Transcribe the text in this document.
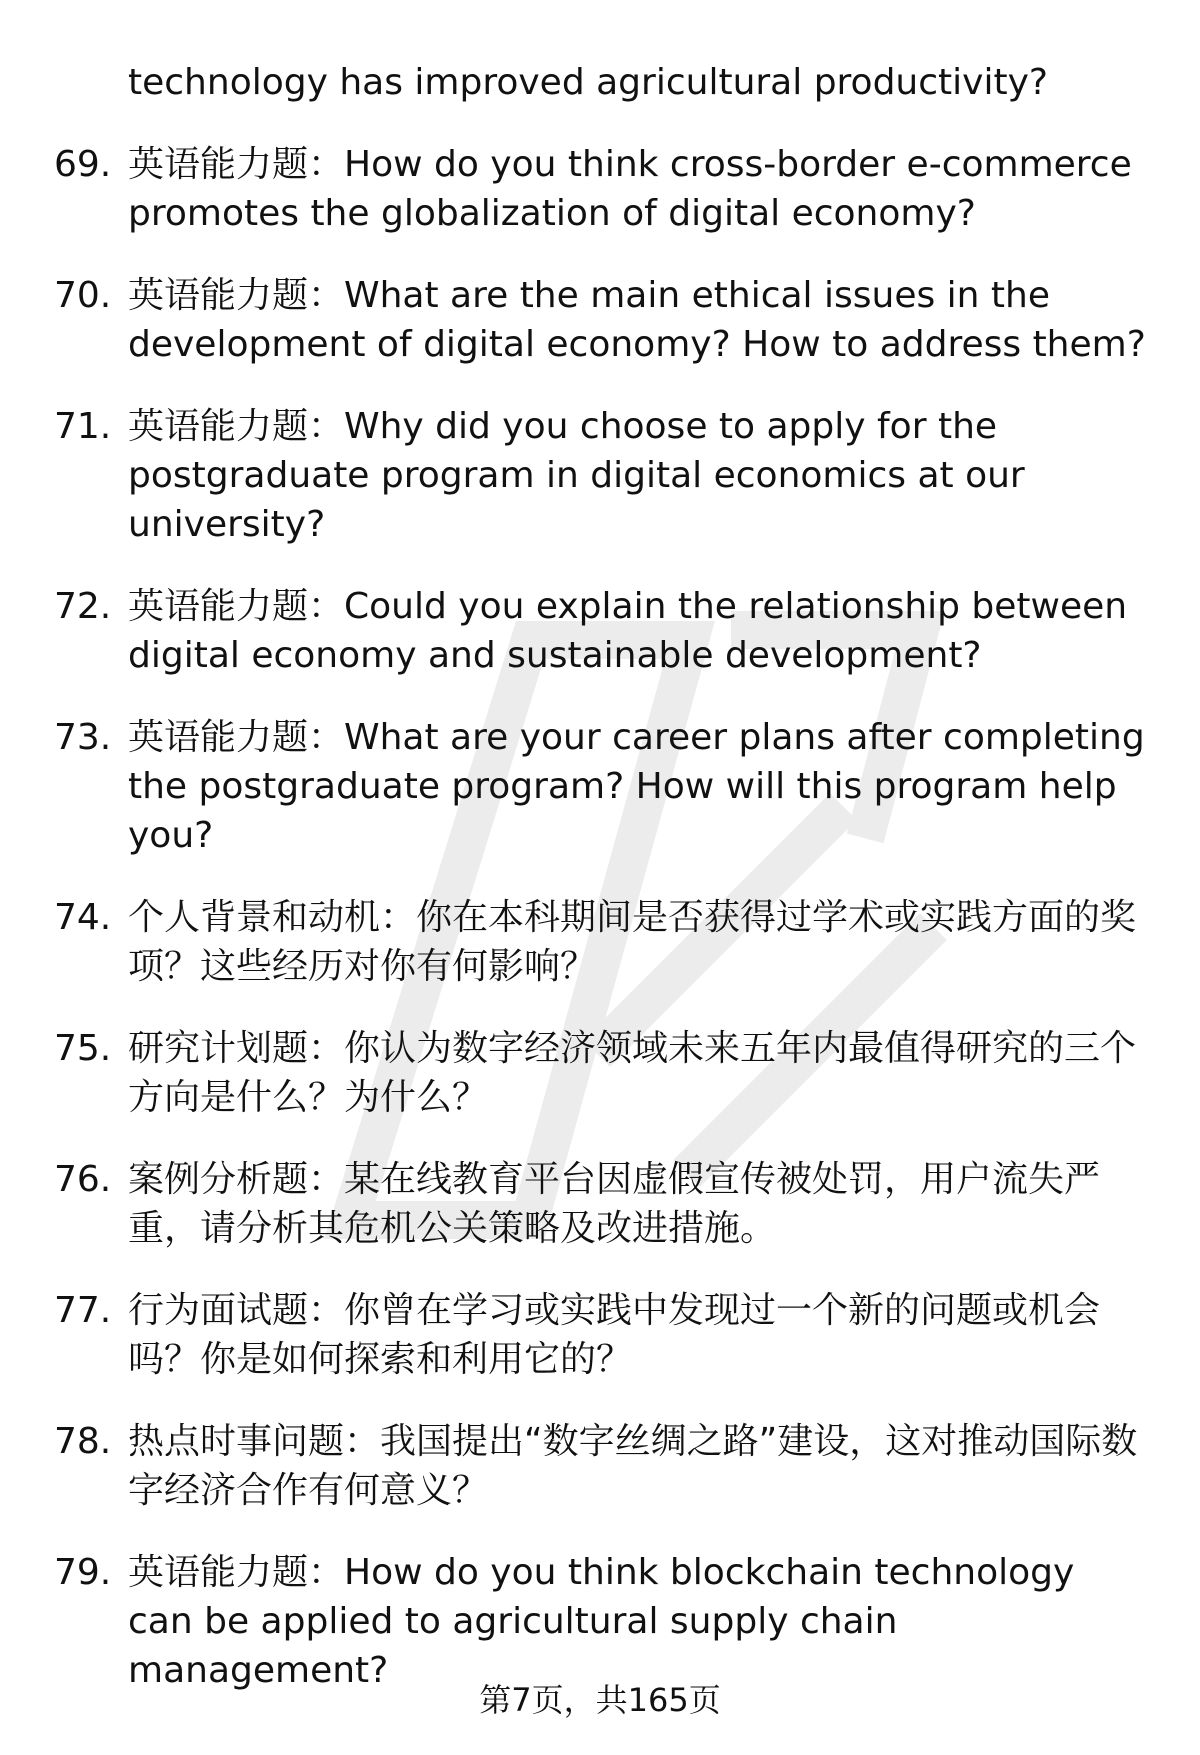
technology has improved agricultural productivity?
69. 英语能力题：How do you think cross-border e-commerce promotes the globalization of digital economy?
70. 英语能力题：What are the main ethical issues in the development of digital economy? How to address them?
71. 英语能力题：Why did you choose to apply for the postgraduate program in digital economics at our university?
72. 英语能力题：Could you explain the relationship between digital economy and sustainable development?
73. 英语能力题：What are your career plans after completing the postgraduate program? How will this program help you?
74. 个人背景和动机：你在本科期间是否获得过学术或实践方面的奖项？这些经历对你有何影响？
75. 研究计划题：你认为数字经济领域未来五年内最值得研究的三个方向是什么？为什么？
76. 案例分析题：某在线教育平台因虚假宣传被处罚，用户流失严重，请分析其危机公关策略及改进措施。
77. 行为面试题：你曾在学习或实践中发现过一个新的问题或机会吗？你是如何探索和利用它的？
78. 热点时事问题：我国提出“数字丝绸之路”建设，这对推动国际数字经济合作有何意义？
79. 英语能力题：How do you think blockchain technology can be applied to agricultural supply chain management?
第7页，共165页
